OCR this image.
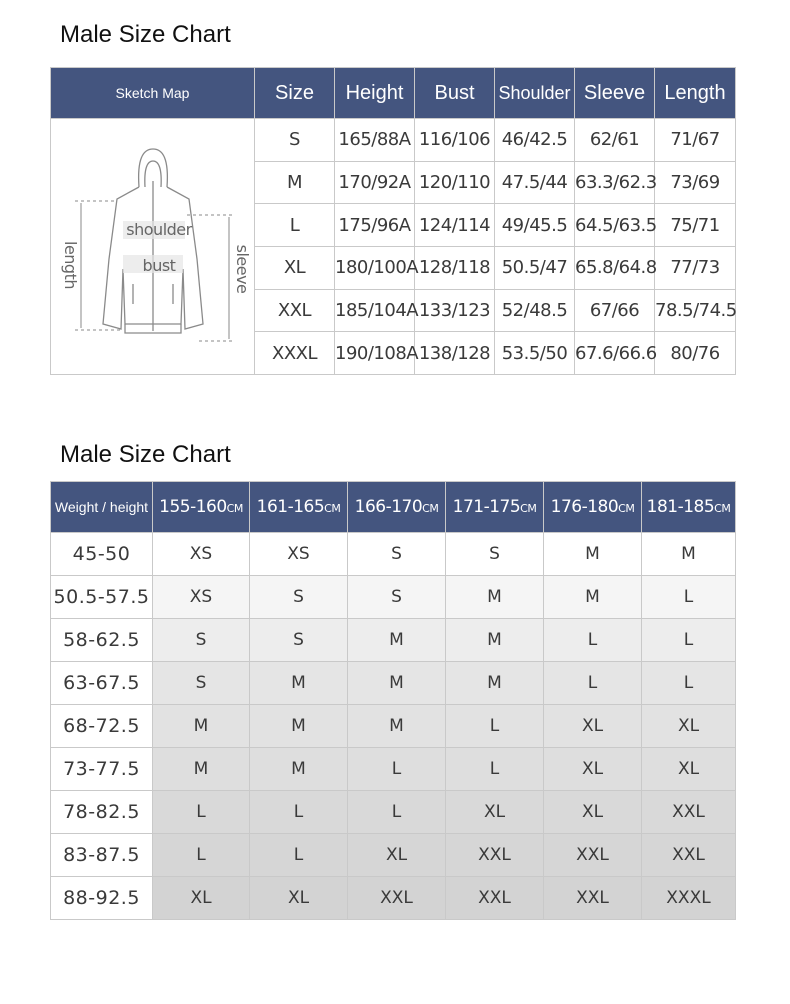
Male Size Chart
Sketch Map	Size	Height	Bust	Shoulder	Sleeve	Length

shoulder
bust
length sleeve	S	165/88A	116/106	46/42.5	62/61	71/67
	M	170/92A	120/110	47.5/44	63.3/62.3	73/69
	L	175/96A	124/114	49/45.5	64.5/63.5	75/71
	XL	180/100A	128/118	50.5/47	65.8/64.8	77/73
	XXL	185/104A	133/123	52/48.5	67/66	78.5/74.5
	XXXL	190/108A	138/128	53.5/50	67.6/66.6	80/76
Male Size Chart
Weight / height	155-160CM	161-165CM	166-170CM	171-175CM	176-180CM	181-185CM
45-50	XS	XS	S	S	M	M
50.5-57.5	XS	S	S	M	M	L
58-62.5	S	S	M	M	L	L
63-67.5	S	M	M	M	L	L
68-72.5	M	M	M	L	XL	XL
73-77.5	M	M	L	L	XL	XL
78-82.5	L	L	L	XL	XL	XXL
83-87.5	L	L	XL	XXL	XXL	XXL
88-92.5	XL	XL	XXL	XXL	XXL	XXXL
